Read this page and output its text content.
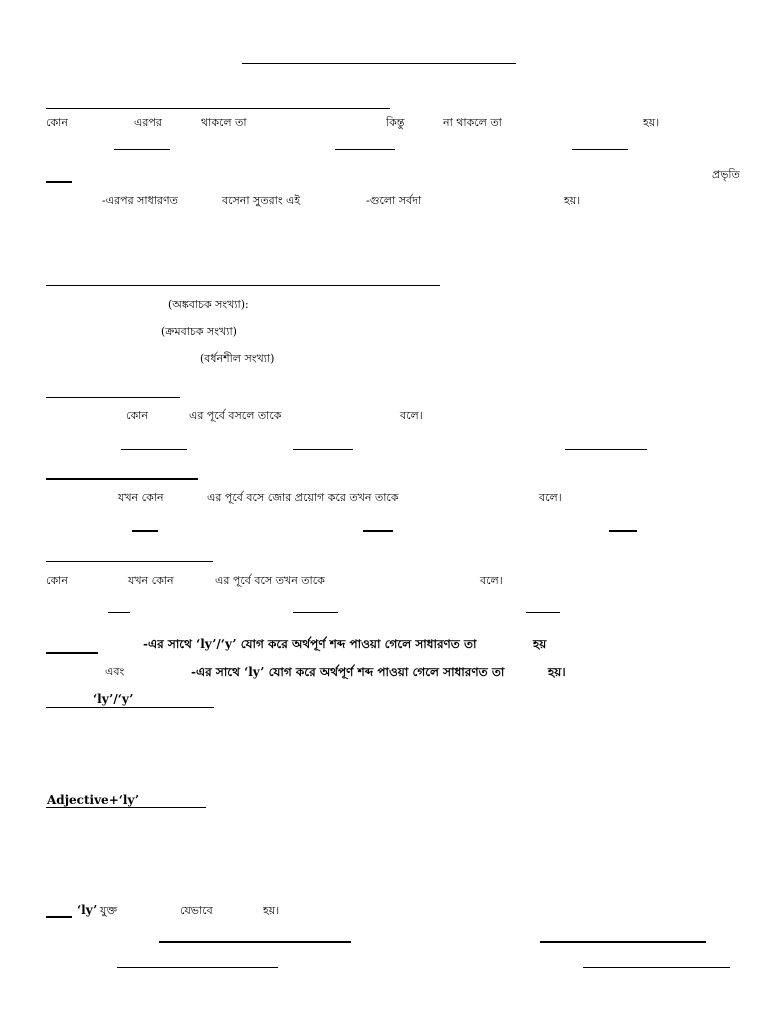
কোন	এরপর	থাকলে তা	কিন্তু	না থাকলে তা	হয়।
প্রভৃতি
-এরপর সাধারণত	বসেনা সুতরাং এই	-গুলো সর্বদা	হয়।
(অঙ্কবাচক সংখ্যা):
(ক্রমবাচক সংখ্যা)
(বর্ধনশীল সংখ্যা)
কোন	এর পূর্বে বসলে তাকে	বলে।
যখন কোন	এর পূর্বে বসে জোর প্রয়োগ করে তখন তাকে	বলে।
কোন	যখন কোন	এর পূর্বে বসে তখন তাকে	বলে।
-এর সাথে ‘ly’/‘y’ যোগ করে অর্থপূর্ণ শব্দ পাওয়া গেলে সাধারণত তা	হয়
এবং	-এর সাথে ‘ly’ যোগ করে অর্থপূর্ণ শব্দ পাওয়া গেলে সাধারণত তা	হয়।
‘ly’/‘y’
Adjective+‘ly’
‘ly’ যুক্ত	যেভাবে	হয়।
